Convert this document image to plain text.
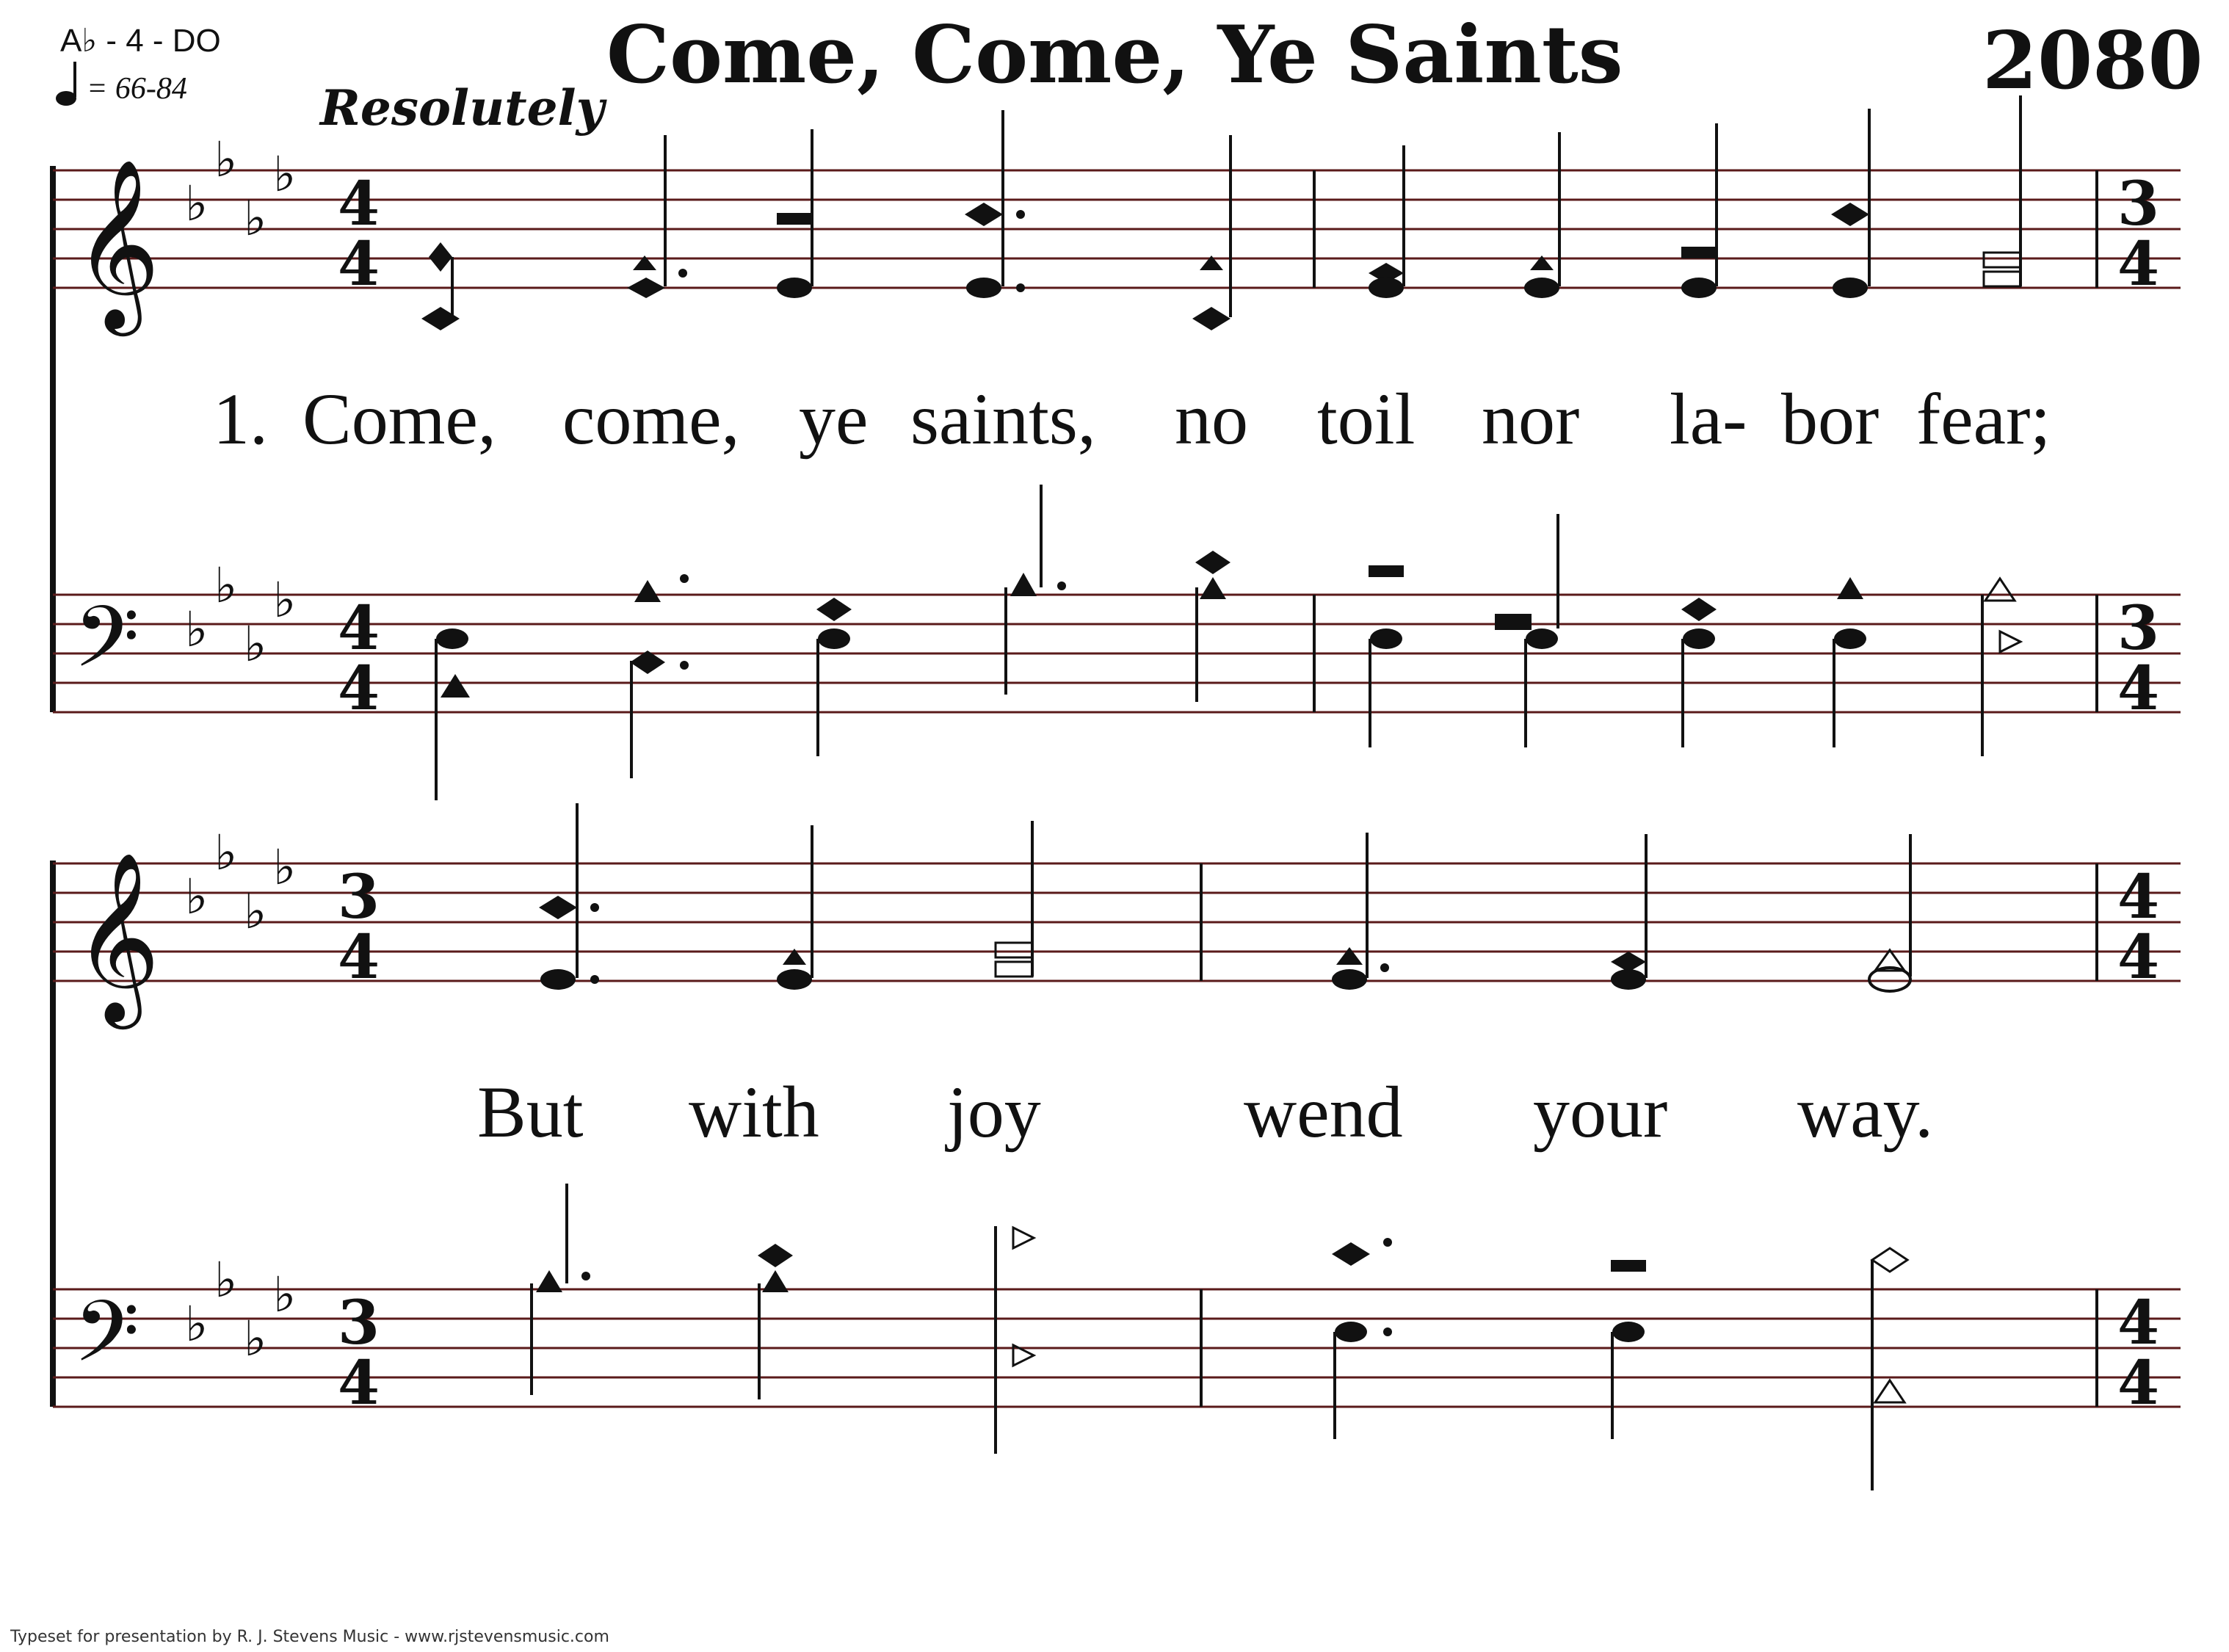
A♭ - 4 - DO
= 66-84	Come, Come, Ye Saints	2080
Resolutely
𝄞 ♭
♭
♭
♭ 4
4
3
4
1. Come, come, ye saints, no toil nor la- bor fear;
𝄢 ♭
♭
♭
♭ 4
4
3
4
𝄞 ♭
♭
♭
♭ 3
4
4
4
But with joy	wend your way.
𝄢 ♭
♭
♭
♭ 3
4
4
4
Typeset for presentation by R. J. Stevens Music - www.rjstevensmusic.com
